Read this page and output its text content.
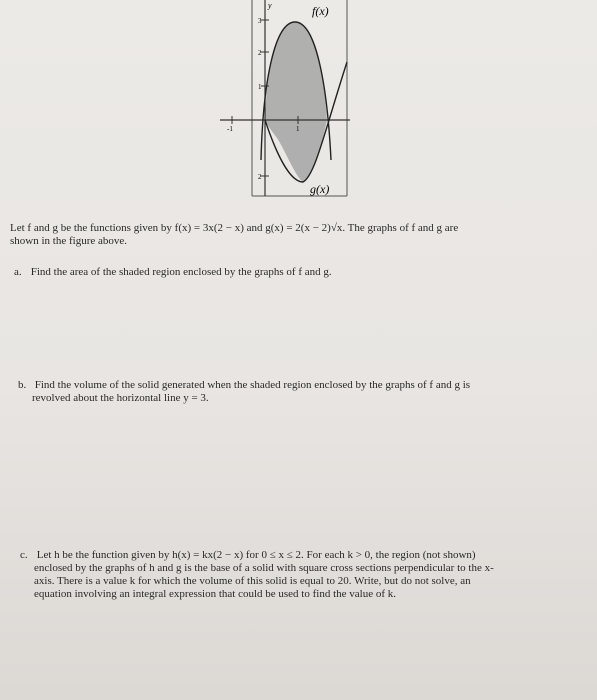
y
3
2
1
-1	1
2
f(x)
g(x)
Let f and g be the functions given by f(x) = 3x(2 − x) and g(x) = 2(x − 2)√x. The graphs of f and g are
shown in the figure above.
a. Find the area of the shaded region enclosed by the graphs of f and g.
b. Find the volume of the solid generated when the shaded region enclosed by the graphs of f and g is
revolved about the horizontal line y = 3.
c. Let h be the function given by h(x) = kx(2 − x) for 0 ≤ x ≤ 2. For each k > 0, the region (not shown)
enclosed by the graphs of h and g is the base of a solid with square cross sections perpendicular to the x-
axis. There is a value k for which the volume of this solid is equal to 20. Write, but do not solve, an
equation involving an integral expression that could be used to find the value of k.
